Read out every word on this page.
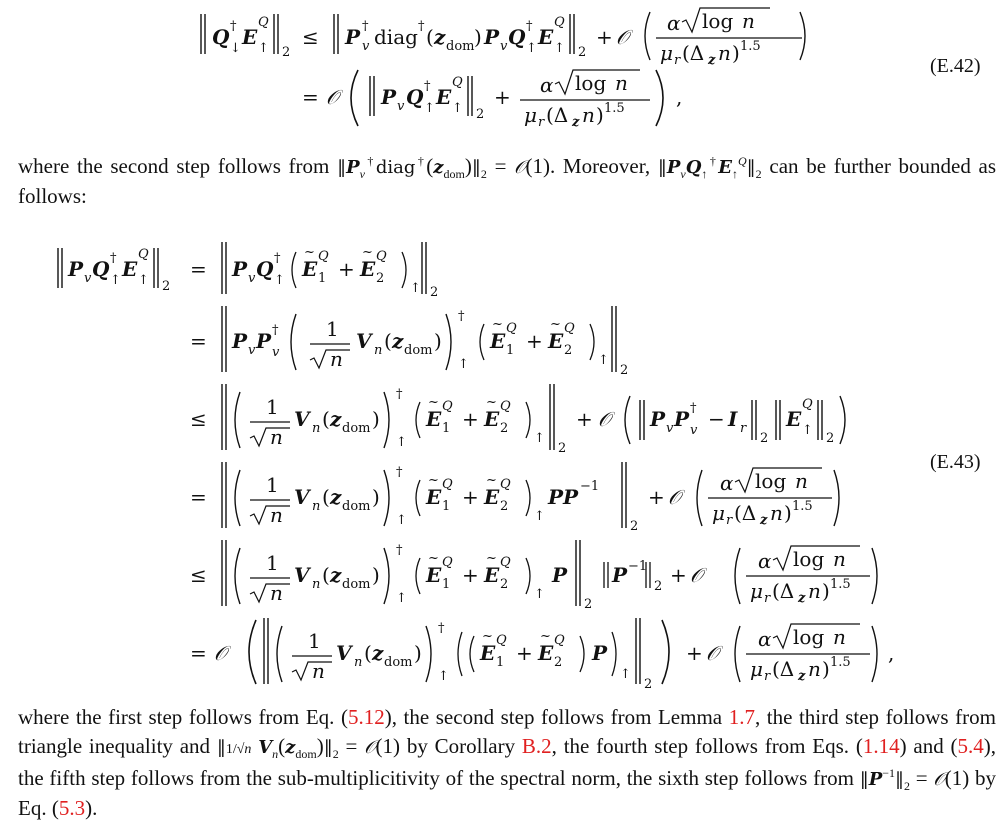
Q †
↓ E
Q
↑ 2
≤ P v
† diag † ( z dom ) P v Q †
↑ E
Q
↑ 2
+ 𝒪
α log n
μ r (Δ z n ) 1.5
= 𝒪 P v Q †
↑ E
Q
↑ 2
+ α log n
μ r (Δ z n ) 1.5	,
(E.42)

where the second step follows from $‖P_v^\dagger diag^\dagger(z_{dom})‖_2$ = 𝒪(1). Moreover, $‖P_vQ_↑^\dagger E_↑^Q‖_2$ can be further bounded as follows:

P v Q †
↑ E
Q
↑ 2
= P v Q †
↑ E
~
1
Q
+ E
~
2
Q
↑ 2
= P v P †
v
1
n
V n ( z dom )
†
↑
E
~
1
Q
+ E
~
2
Q
↑
2
≤	1
n
V n ( z dom )
†
↑
E
~
1
Q
+ E
~
2
Q
↑
2
+ 𝒪 P v P †
v − I r
2
E
Q
↑
2
=	1
n
V n ( z dom )
†
↑
E
~
1
Q
+ E
~
2
Q
↑
PP −1
2
+ 𝒪
α log n
μ r (Δ z n ) 1.5
≤	1
n
V n ( z dom )
†
↑
E
~
1
Q
+ E
~
2
Q
↑
P
2
P −1
2 + 𝒪
α log n
μ r (Δ z n ) 1.5
= 𝒪	1
n
V n ( z dom )
†
↑
E
~
1
Q
+ E
~
2
Q
P
↑
2
+ 𝒪
α log n
μ r (Δ z n ) 1.5 ,
(E.43)

where the first step follows from Eq. (5.12), the second step follows from Lemma 1.7, the third step follows from triangle inequality and ‖1/√n $V_n(z_{dom})‖_2$ = 𝒪(1) by Corollary B.2, the fourth step follows from Eqs. (1.14) and (5.4), the fifth step follows from the sub-multiplicitivity of the spectral norm, the sixth step follows from $‖P^{-1}‖_2$ = 𝒪(1) by Eq. (5.3).
